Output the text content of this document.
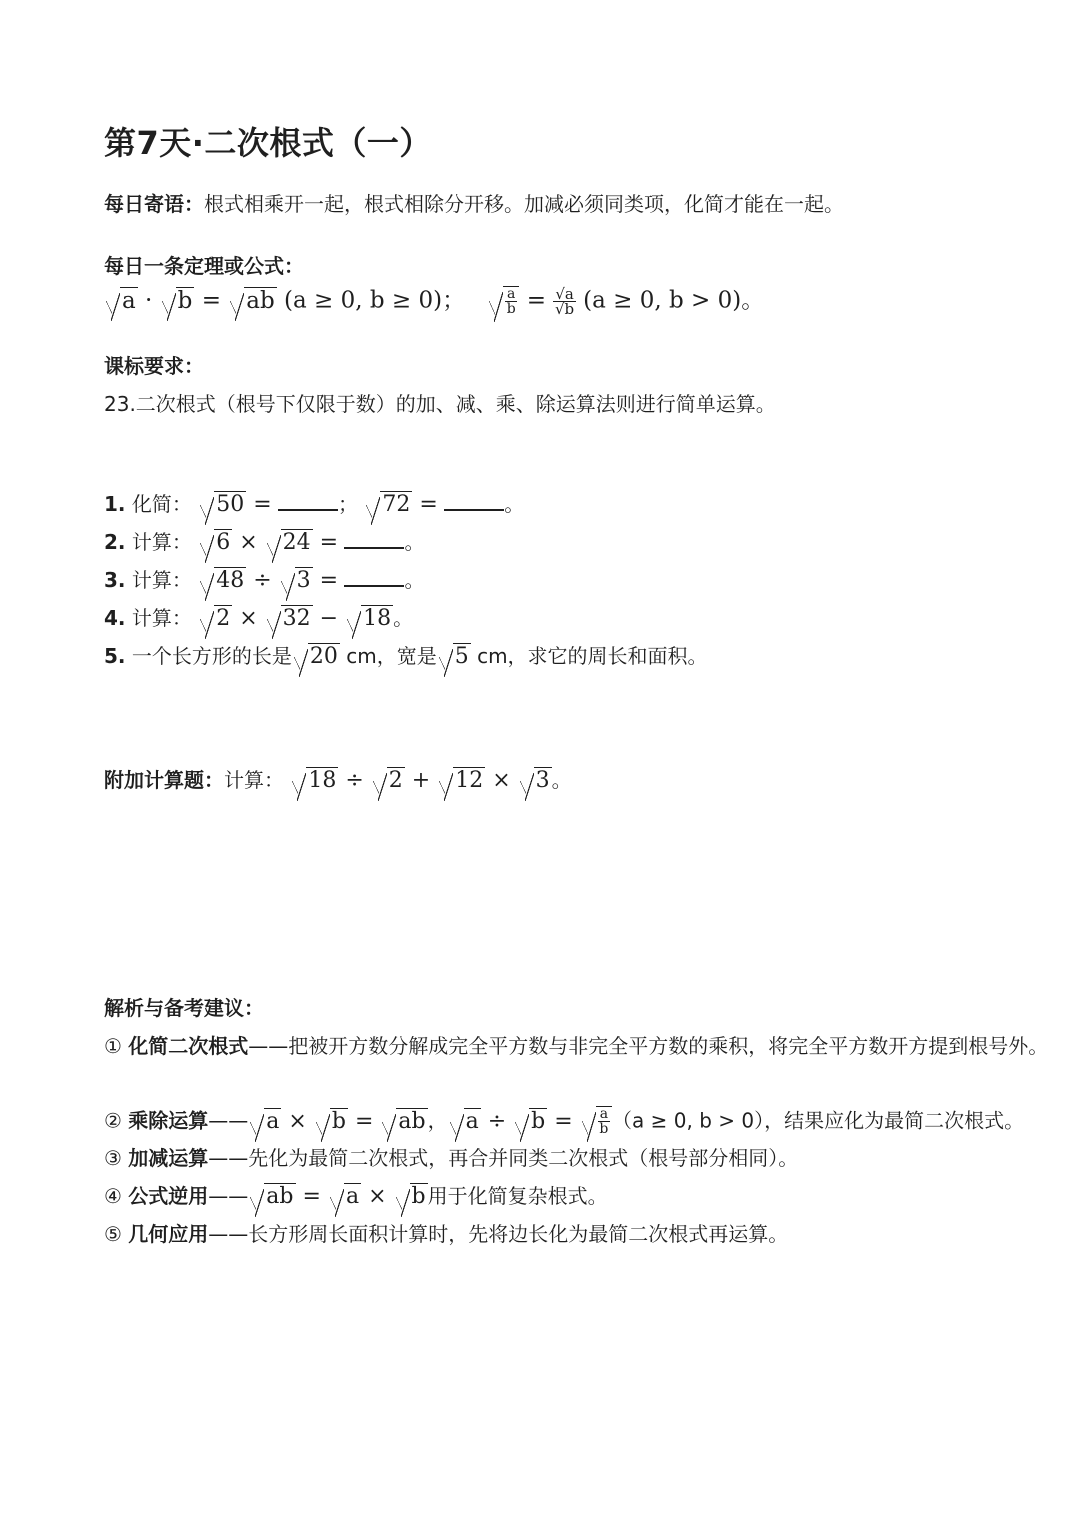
第7天·二次根式（一）
每日寄语：根式相乘开一起，根式相除分开移。加减必须同类项，化简才能在一起。
每日一条定理或公式：
a · b = ab (a ≥ 0, b ≥ 0)；	$\frac{a}{b} = \frac{√a}{√b} (a \ge 0$, b > 0)。
课标要求：
23.二次根式（根号下仅限于数）的加、减、乘、除运算法则进行简单运算。
1. 化简： 50 =	； 72 =	。
2. 计算： 6 × 24 =	。
3. 计算： 48 ÷ 3 =	。
4. 计算： 2 × 32 − 18 。
5. 一个长方形的长是 20 cm，宽是 5 cm，求它的周长和面积。
附加计算题：计算： 18 ÷ 2 + 12 × 3 。
解析与备考建议：
① 化简二次根式——把被开方数分解成完全平方数与非完全平方数的乘积，将完全平方数开方提到根号外。
② 乘除运算—— a × b = ab ， $a \div b = \frac{a}{b} (a \ge 0$, b > 0），结果应化为最简二次根式。
③ 加减运算——先化为最简二次根式，再合并同类二次根式（根号部分相同）。
④ 公式逆用—— ab = a × b 用于化简复杂根式。
⑤ 几何应用——长方形周长面积计算时，先将边长化为最简二次根式再运算。
